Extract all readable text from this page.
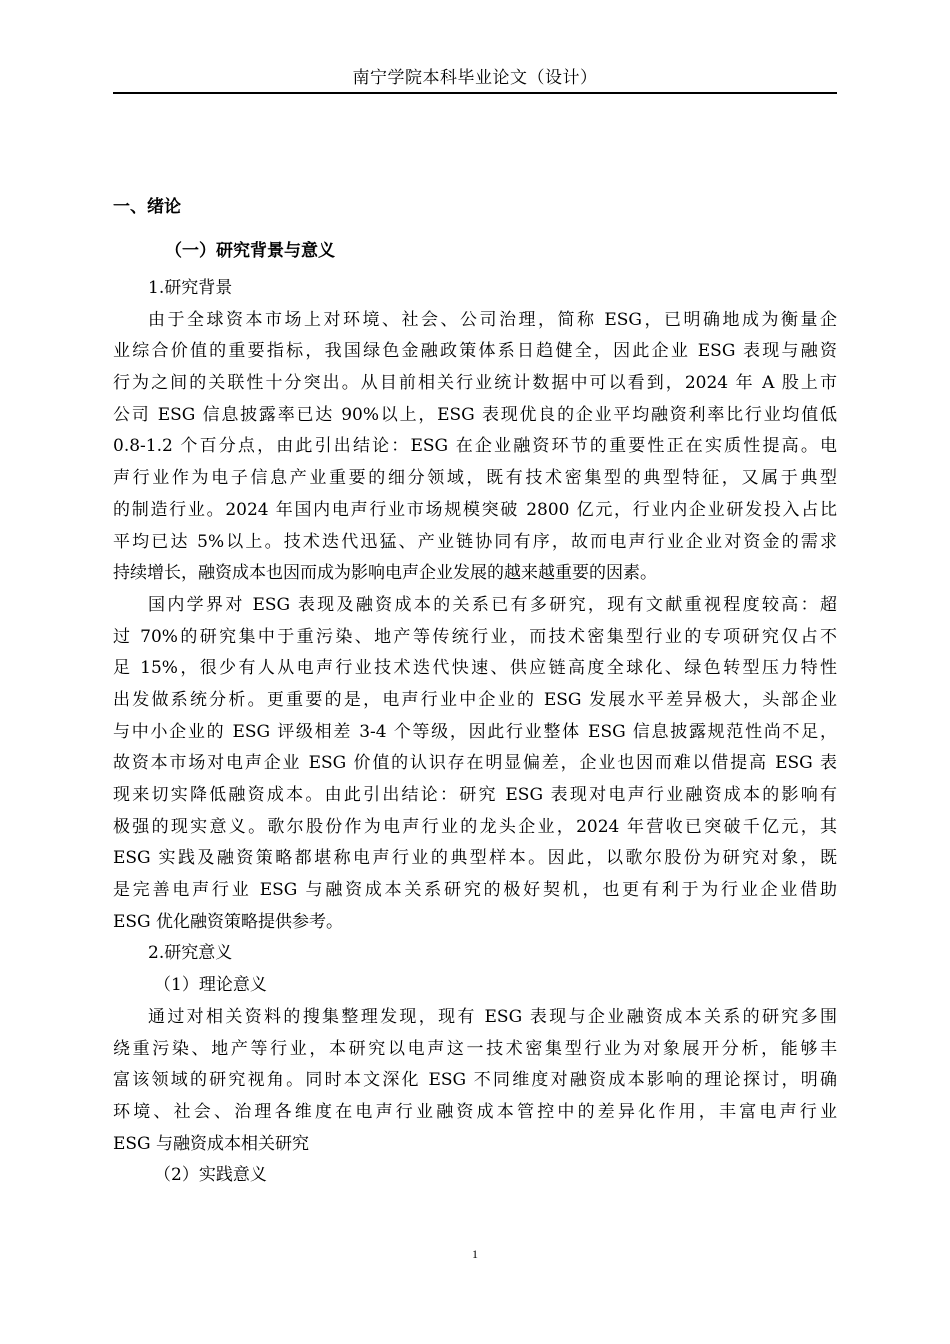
南宁学院本科毕业论文（设计）
一、绪论
（一）研究背景与意义
1.研究背景
由于全球资本市场上对环境、社会、公司治理，简称 ESG，已明确地成为衡量企
业综合价值的重要指标，我国绿色金融政策体系日趋健全，因此企业 ESG 表现与融资
行为之间的关联性十分突出。从目前相关行业统计数据中可以看到，2024 年 A 股上市
公司 ESG 信息披露率已达 90%以上，ESG 表现优良的企业平均融资利率比行业均值低
0.8-1.2 个百分点，由此引出结论：ESG 在企业融资环节的重要性正在实质性提高。电
声行业作为电子信息产业重要的细分领域，既有技术密集型的典型特征，又属于典型
的制造行业。2024 年国内电声行业市场规模突破 2800 亿元，行业内企业研发投入占比
平均已达 5%以上。技术迭代迅猛、产业链协同有序，故而电声行业企业对资金的需求
持续增长，融资成本也因而成为影响电声企业发展的越来越重要的因素。
国内学界对 ESG 表现及融资成本的关系已有多研究，现有文献重视程度较高：超
过 70%的研究集中于重污染、地产等传统行业，而技术密集型行业的专项研究仅占不
足 15%，很少有人从电声行业技术迭代快速、供应链高度全球化、绿色转型压力特性
出发做系统分析。更重要的是，电声行业中企业的 ESG 发展水平差异极大，头部企业
与中小企业的 ESG 评级相差 3-4 个等级，因此行业整体 ESG 信息披露规范性尚不足，
故资本市场对电声企业 ESG 价值的认识存在明显偏差，企业也因而难以借提高 ESG 表
现来切实降低融资成本。由此引出结论：研究 ESG 表现对电声行业融资成本的影响有
极强的现实意义。歌尔股份作为电声行业的龙头企业，2024 年营收已突破千亿元，其
ESG 实践及融资策略都堪称电声行业的典型样本。因此，以歌尔股份为研究对象，既
是完善电声行业 ESG 与融资成本关系研究的极好契机，也更有利于为行业企业借助
ESG 优化融资策略提供参考。
2.研究意义
（1）理论意义
通过对相关资料的搜集整理发现，现有 ESG 表现与企业融资成本关系的研究多围
绕重污染、地产等行业，本研究以电声这一技术密集型行业为对象展开分析，能够丰
富该领域的研究视角。同时本文深化 ESG 不同维度对融资成本影响的理论探讨，明确
环境、社会、治理各维度在电声行业融资成本管控中的差异化作用，丰富电声行业
ESG 与融资成本相关研究
（2）实践意义
1
